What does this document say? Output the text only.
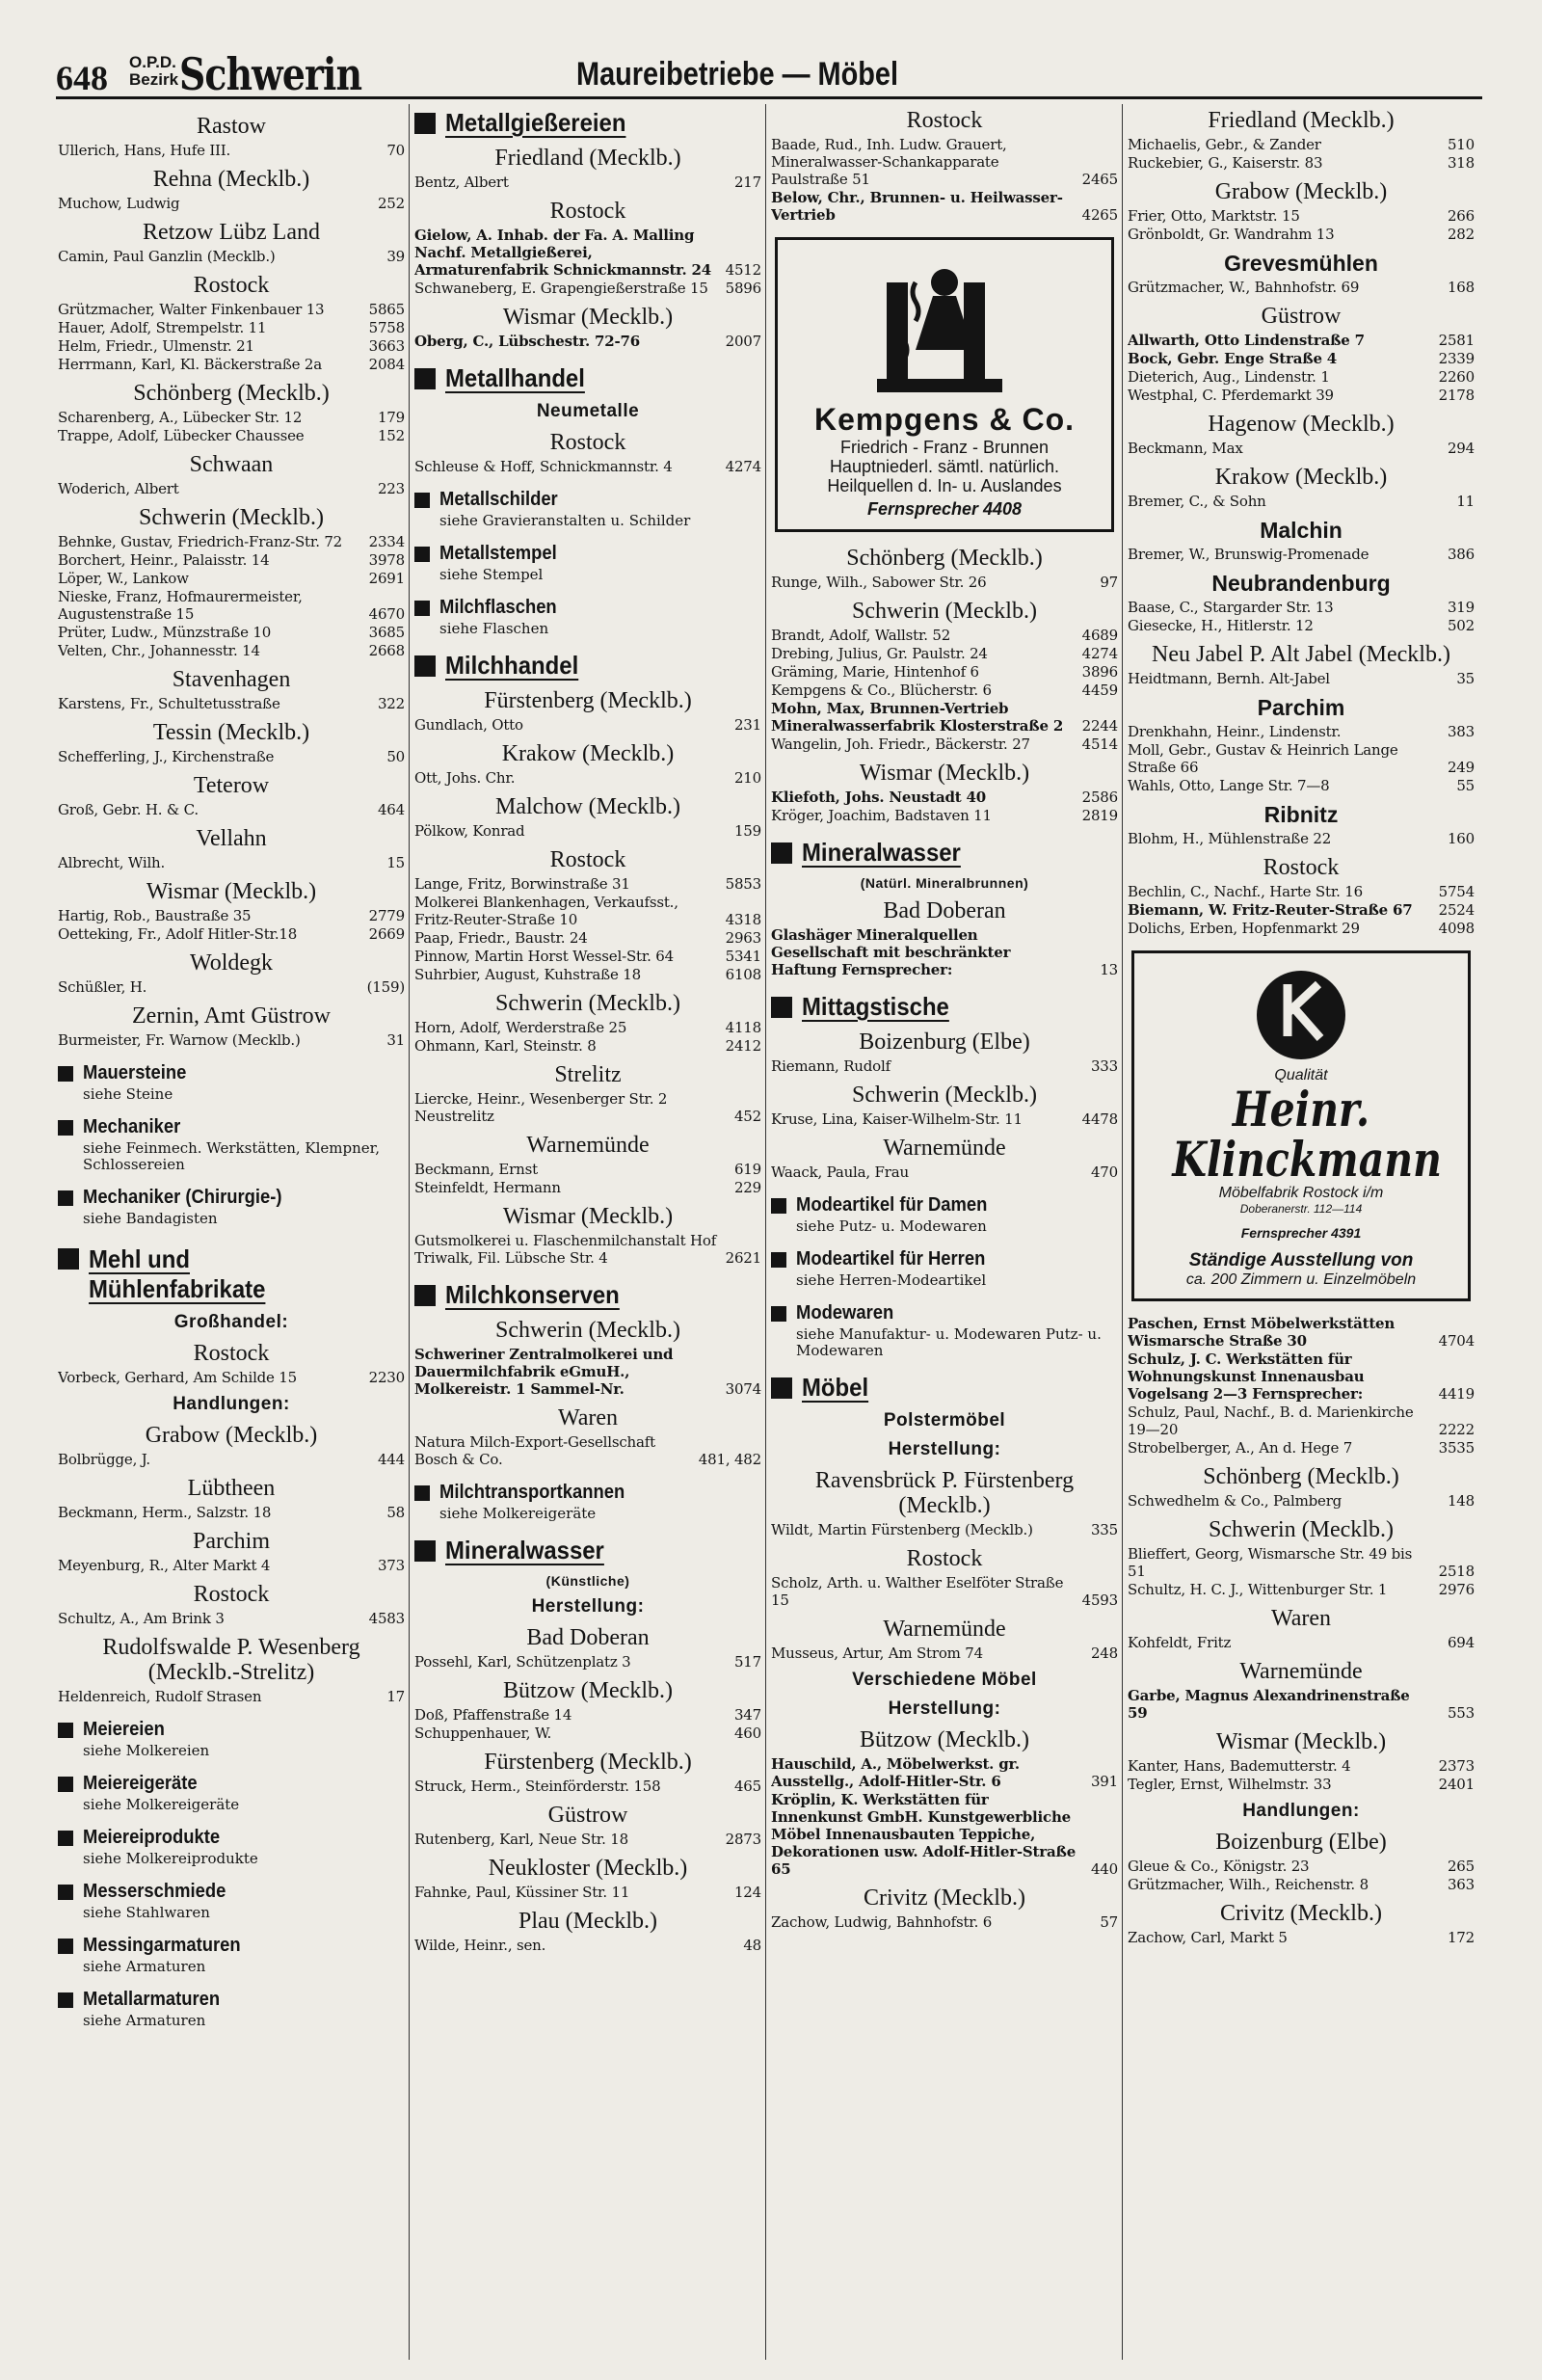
648 O.P.D.
Bezirk Schwerin	Maureibetriebe — Möbel
Rastow
Ullerich, Hans, Hufe III.	70
Rehna (Mecklb.)
Muchow, Ludwig	252
Retzow Lübz Land
Camin, Paul Ganzlin (Mecklb.)	39
Rostock
Grützmacher, Walter Finkenbauer 13	5865
Hauer, Adolf, Strempelstr. 11	5758
Helm, Friedr., Ulmenstr. 21	3663
Herrmann, Karl, Kl. Bäckerstraße 2a	2084
Schönberg (Mecklb.)
Scharenberg, A., Lübecker Str. 12	179
Trappe, Adolf, Lübecker Chaussee	152
Schwaan
Woderich, Albert	223
Schwerin (Mecklb.)
Behnke, Gustav, Friedrich-Franz-Str. 72	2334
Borchert, Heinr., Palaisstr. 14	3978
Löper, W., Lankow	2691
Nieske, Franz, Hofmaurermeister, Augustenstraße 15	4670
Prüter, Ludw., Münzstraße 10	3685
Velten, Chr., Johannesstr. 14	2668
Stavenhagen
Karstens, Fr., Schultetusstraße	322
Tessin (Mecklb.)
Schefferling, J., Kirchenstraße	50
Teterow
Groß, Gebr. H. & C.	464
Vellahn
Albrecht, Wilh.	15
Wismar (Mecklb.)
Hartig, Rob., Baustraße 35	2779
Oetteking, Fr., Adolf Hitler-Str.18	2669
Woldegk
Schüßler, H.	(159)
Zernin, Amt Güstrow
Burmeister, Fr. Warnow (Mecklb.)	31
Mauersteine
siehe Steine
Mechaniker
siehe Feinmech. Werkstätten, Klempner, Schlossereien
Mechaniker (Chirurgie-)
siehe Bandagisten
Mehl und
Mühlenfabrikate
Großhandel:
Rostock
Vorbeck, Gerhard, Am Schilde 15	2230
Handlungen:
Grabow (Mecklb.)
Bolbrügge, J.	444
Lübtheen
Beckmann, Herm., Salzstr. 18	58
Parchim
Meyenburg, R., Alter Markt 4	373
Rostock
Schultz, A., Am Brink 3	4583
Rudolfswalde P. Wesenberg (Mecklb.-Strelitz)
Heldenreich, Rudolf Strasen	17
Meiereien
siehe Molkereien
Meiereigeräte
siehe Molkereigeräte
Meiereiprodukte
siehe Molkereiprodukte
Messerschmiede
siehe Stahlwaren
Messingarmaturen
siehe Armaturen
Metallarmaturen
siehe Armaturen
Metallgießereien
Friedland (Mecklb.)
Bentz, Albert	217
Rostock
Gielow, A. Inhab. der Fa. A. Malling Nachf. Metallgießerei, Armaturenfabrik Schnickmannstr. 24 4512
Schwaneberg, E. Grapengießerstraße 15	5896
Wismar (Mecklb.)
Oberg, C., Lübschestr. 72-76	2007
Metallhandel
Neumetalle
Rostock
Schleuse & Hoff, Schnickmannstr. 4	4274
Metallschilder
siehe Gravieranstalten u. Schilder
Metallstempel
siehe Stempel
Milchflaschen
siehe Flaschen
Milchhandel
Fürstenberg (Mecklb.)
Gundlach, Otto	231
Krakow (Mecklb.)
Ott, Johs. Chr.	210
Malchow (Mecklb.)
Pölkow, Konrad	159
Rostock
Lange, Fritz, Borwinstraße 31	5853
Molkerei Blankenhagen, Verkaufsst., Fritz-Reuter-Straße 10	4318
Paap, Friedr., Baustr. 24	2963
Pinnow, Martin Horst Wessel-Str. 64	5341
Suhrbier, August, Kuhstraße 18	6108
Schwerin (Mecklb.)
Horn, Adolf, Werderstraße 25	4118
Ohmann, Karl, Steinstr. 8	2412
Strelitz
Liercke, Heinr., Wesenberger Str. 2 Neustrelitz	452
Warnemünde
Beckmann, Ernst	619
Steinfeldt, Hermann	229
Wismar (Mecklb.)
Gutsmolkerei u. Flaschenmilchanstalt Hof Triwalk, Fil. Lübsche Str. 4	2621
Milchkonserven
Schwerin (Mecklb.)
Schweriner Zentralmolkerei und Dauermilchfabrik eGmuH., Molkereistr. 1 Sammel-Nr.	3074
Waren
Natura Milch-Export-Gesellschaft Bosch & Co.	481, 482
Milchtransportkannen
siehe Molkereigeräte
Mineralwasser
(Künstliche)
Herstellung:
Bad Doberan
Possehl, Karl, Schützenplatz 3	517
Bützow (Mecklb.)
Doß, Pfaffenstraße 14	347
Schuppenhauer, W.	460
Fürstenberg (Mecklb.)
Struck, Herm., Steinförderstr. 158	465
Güstrow
Rutenberg, Karl, Neue Str. 18	2873
Neukloster (Mecklb.)
Fahnke, Paul, Küssiner Str. 11	124
Plau (Mecklb.)
Wilde, Heinr., sen.	48
Rostock
Baade, Rud., Inh. Ludw. Grauert, Mineralwasser-Schankapparate Paulstraße 51	2465
Below, Chr., Brunnen- u. Heilwasser-Vertrieb	4265
Kempgens & Co.
Friedrich - Franz - Brunnen
Hauptniederl. sämtl. natürlich.
Heilquellen d. In- u. Auslandes
Fernsprecher 4408
Schönberg (Mecklb.)
Runge, Wilh., Sabower Str. 26	97
Schwerin (Mecklb.)
Brandt, Adolf, Wallstr. 52	4689
Drebing, Julius, Gr. Paulstr. 24	4274
Gräming, Marie, Hintenhof 6	3896
Kempgens & Co., Blücherstr. 6	4459
Mohn, Max, Brunnen-Vertrieb Mineralwasserfabrik Klosterstraße 2	2244
Wangelin, Joh. Friedr., Bäckerstr. 27	4514
Wismar (Mecklb.)
Kliefoth, Johs. Neustadt 40	2586
Kröger, Joachim, Badstaven 11	2819
Mineralwasser
(Natürl. Mineralbrunnen)
Bad Doberan
Glashäger Mineralquellen Gesellschaft mit beschränkter Haftung Fernsprecher:	13
Mittagstische
Boizenburg (Elbe)
Riemann, Rudolf	333
Schwerin (Mecklb.)
Kruse, Lina, Kaiser-Wilhelm-Str. 11	4478
Warnemünde
Waack, Paula, Frau	470
Modeartikel für Damen
siehe Putz- u. Modewaren
Modeartikel für Herren
siehe Herren-Modeartikel
Modewaren
siehe Manufaktur- u. Modewaren Putz- u. Modewaren
Möbel
Polstermöbel
Herstellung:
Ravensbrück P. Fürstenberg (Mecklb.)
Wildt, Martin Fürstenberg (Mecklb.)	335
Rostock
Scholz, Arth. u. Walther Eselföter Straße 15	4593
Warnemünde
Musseus, Artur, Am Strom 74	248
Verschiedene Möbel
Herstellung:
Bützow (Mecklb.)
Hauschild, A., Möbelwerkst. gr. Ausstellg., Adolf-Hitler-Str. 6	391
Kröplin, K. Werkstätten für Innenkunst GmbH. Kunstgewerbliche Möbel Innenausbauten Teppiche, Dekorationen usw. Adolf-Hitler-Straße 65	440
Crivitz (Mecklb.)
Zachow, Ludwig, Bahnhofstr. 6	57
Friedland (Mecklb.)
Michaelis, Gebr., & Zander	510
Ruckebier, G., Kaiserstr. 83	318
Grabow (Mecklb.)
Frier, Otto, Marktstr. 15	266
Grönboldt, Gr. Wandrahm 13	282
Grevesmühlen
Grützmacher, W., Bahnhofstr. 69	168
Güstrow
Allwarth, Otto Lindenstraße 7	2581
Bock, Gebr. Enge Straße 4	2339
Dieterich, Aug., Lindenstr. 1	2260
Westphal, C. Pferdemarkt 39	2178
Hagenow (Mecklb.)
Beckmann, Max	294
Krakow (Mecklb.)
Bremer, C., & Sohn	11
Malchin
Bremer, W., Brunswig-Promenade	386
Neubrandenburg
Baase, C., Stargarder Str. 13	319
Giesecke, H., Hitlerstr. 12	502
Neu Jabel P. Alt Jabel (Mecklb.)
Heidtmann, Bernh. Alt-Jabel	35
Parchim
Drenkhahn, Heinr., Lindenstr.	383
Moll, Gebr., Gustav & Heinrich Lange Straße 66	249
Wahls, Otto, Lange Str. 7—8	55
Ribnitz
Blohm, H., Mühlenstraße 22	160
Rostock
Bechlin, C., Nachf., Harte Str. 16	5754
Biemann, W. Fritz-Reuter-Straße 67	2524
Dolichs, Erben, Hopfenmarkt 29	4098
Qualität
Heinr.
Klinckmann
Möbelfabrik Rostock i/m
Doberanerstr. 112—114
Fernsprecher 4391
Ständige Ausstellung von
ca. 200 Zimmern u. Einzelmöbeln
Paschen, Ernst Möbelwerkstätten Wismarsche Straße 30	4704
Schulz, J. C. Werkstätten für Wohnungskunst Innenausbau Vogelsang 2—3 Fernsprecher:	4419
Schulz, Paul, Nachf., B. d. Marienkirche 19—20	2222
Strobelberger, A., An d. Hege 7	3535
Schönberg (Mecklb.)
Schwedhelm & Co., Palmberg	148
Schwerin (Mecklb.)
Blieffert, Georg, Wismarsche Str. 49 bis 51	2518
Schultz, H. C. J., Wittenburger Str. 1	2976
Waren
Kohfeldt, Fritz	694
Warnemünde
Garbe, Magnus Alexandrinenstraße 59	553
Wismar (Mecklb.)
Kanter, Hans, Bademutterstr. 4	2373
Tegler, Ernst, Wilhelmstr. 33	2401
Handlungen:
Boizenburg (Elbe)
Gleue & Co., Königstr. 23	265
Grützmacher, Wilh., Reichenstr. 8	363
Crivitz (Mecklb.)
Zachow, Carl, Markt 5	172
